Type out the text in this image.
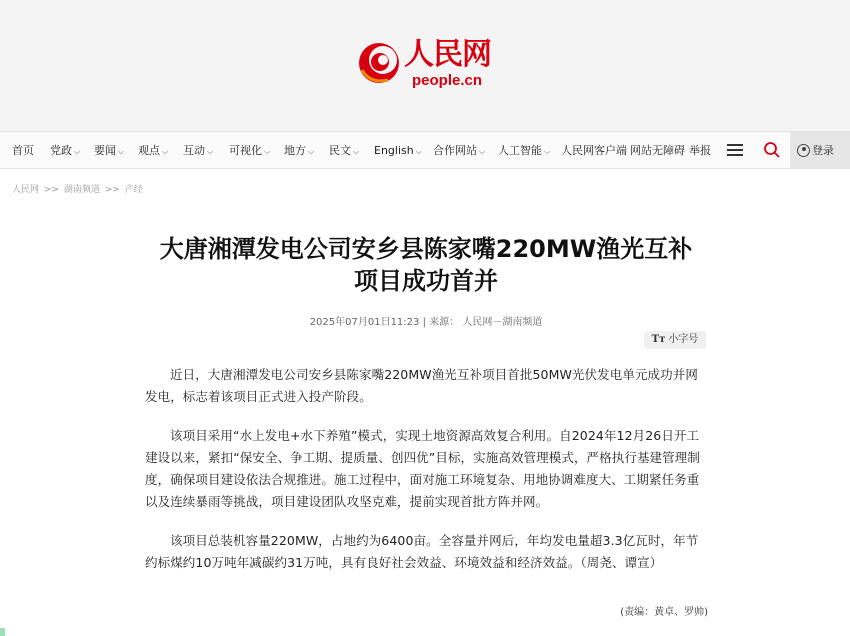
人民网
people.cn
首页 党政 ⌵ 要闻 ⌵ 观点 ⌵ 互动 ⌵ 可视化 ⌵ 地方 ⌵ 民文 ⌵ English ⌵ 合作网站 ⌵ 人工智能 ⌵ 人民网客户端 网站无障碍 举报	登录
人民网 >> 湖南频道 >> 产经
大唐湘潭发电公司安乡县陈家嘴220MW渔光互补
项目成功首并
2025年07月01日11:23 | 来源： 人民网－湖南频道
Tт 小字号

近日，大唐湘潭发电公司安乡县陈家嘴220MW渔光互补项目首批50MW光伏发电单元成功并网发电，标志着该项目正式进入投产阶段。

该项目采用“水上发电+水下养殖”模式，实现土地资源高效复合利用。自2024年12月26日开工建设以来，紧扣“保安全、争工期、提质量、创四优”目标，实施高效管理模式，严格执行基建管理制度，确保项目建设依法合规推进。施工过程中，面对施工环境复杂、用地协调难度大、工期紧任务重以及连续暴雨等挑战，项目建设团队攻坚克难，提前实现首批方阵并网。

该项目总装机容量220MW，占地约为6400亩。全容量并网后，年均发电量超3.3亿瓦时，年节约标煤约10万吨年减碳约31万吨，具有良好社会效益、环境效益和经济效益。（周尧、谭宣）

(责编：黄卓、罗帅)
